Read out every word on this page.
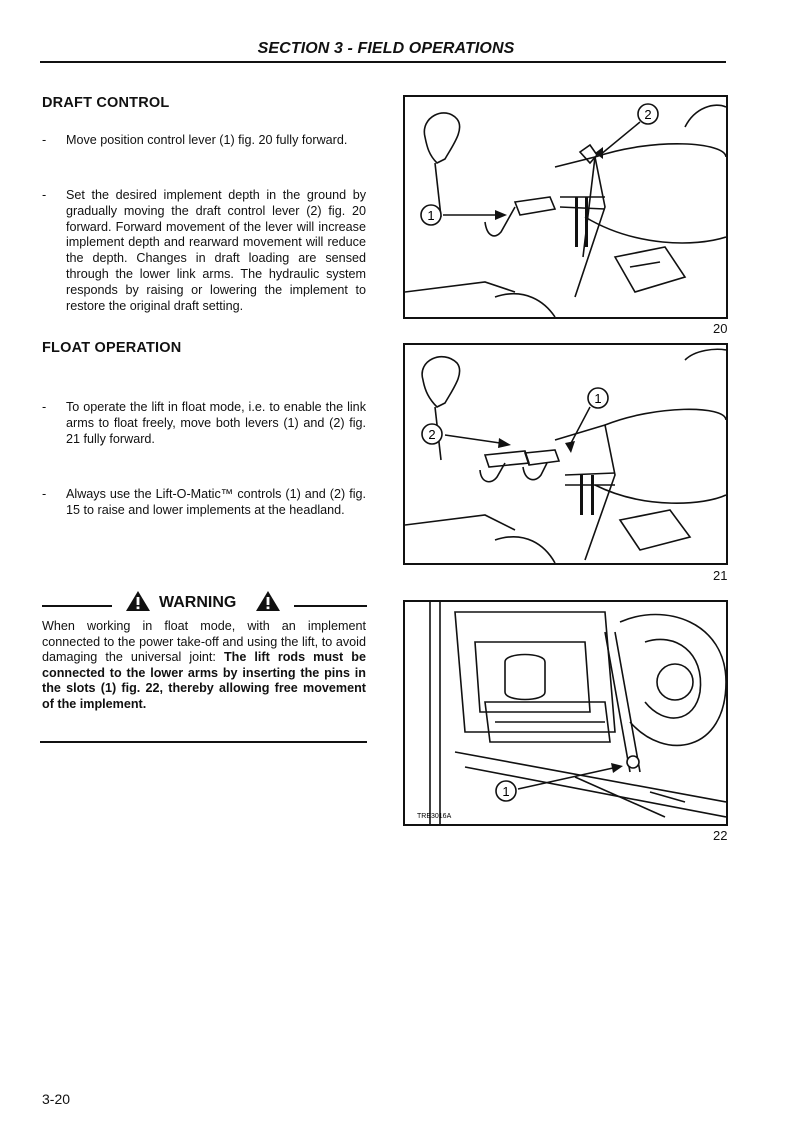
SECTION 3 - FIELD OPERATIONS
DRAFT CONTROL
- Move position control lever (1) fig. 20 fully forward.
- Set the desired implement depth in the ground by gradually moving the draft control lever (2) fig. 20 forward. Forward movement of the lever will increase implement depth and rearward movement will reduce the depth. Changes in draft loading are sensed through the lower link arms. The hydraulic system responds by raising or lowering the implement to restore the original draft setting.
FLOAT OPERATION
- To operate the lift in float mode, i.e. to enable the link arms to float freely, move both levers (1) and (2) fig. 21 fully forward.
- Always use the Lift-O-Matic™ controls (1) and (2) fig. 15 to raise and lower implements at the headland.
WARNING
When working in float mode, with an implement connected to the power take-off and using the lift, to avoid damaging the universal joint: The lift rods must be connected to the lower arms by inserting the pins in the slots (1) fig. 22, thereby allowing free movement of the implement.
1
2
20
2
1
21
1
TRE3016A
22
3-20
